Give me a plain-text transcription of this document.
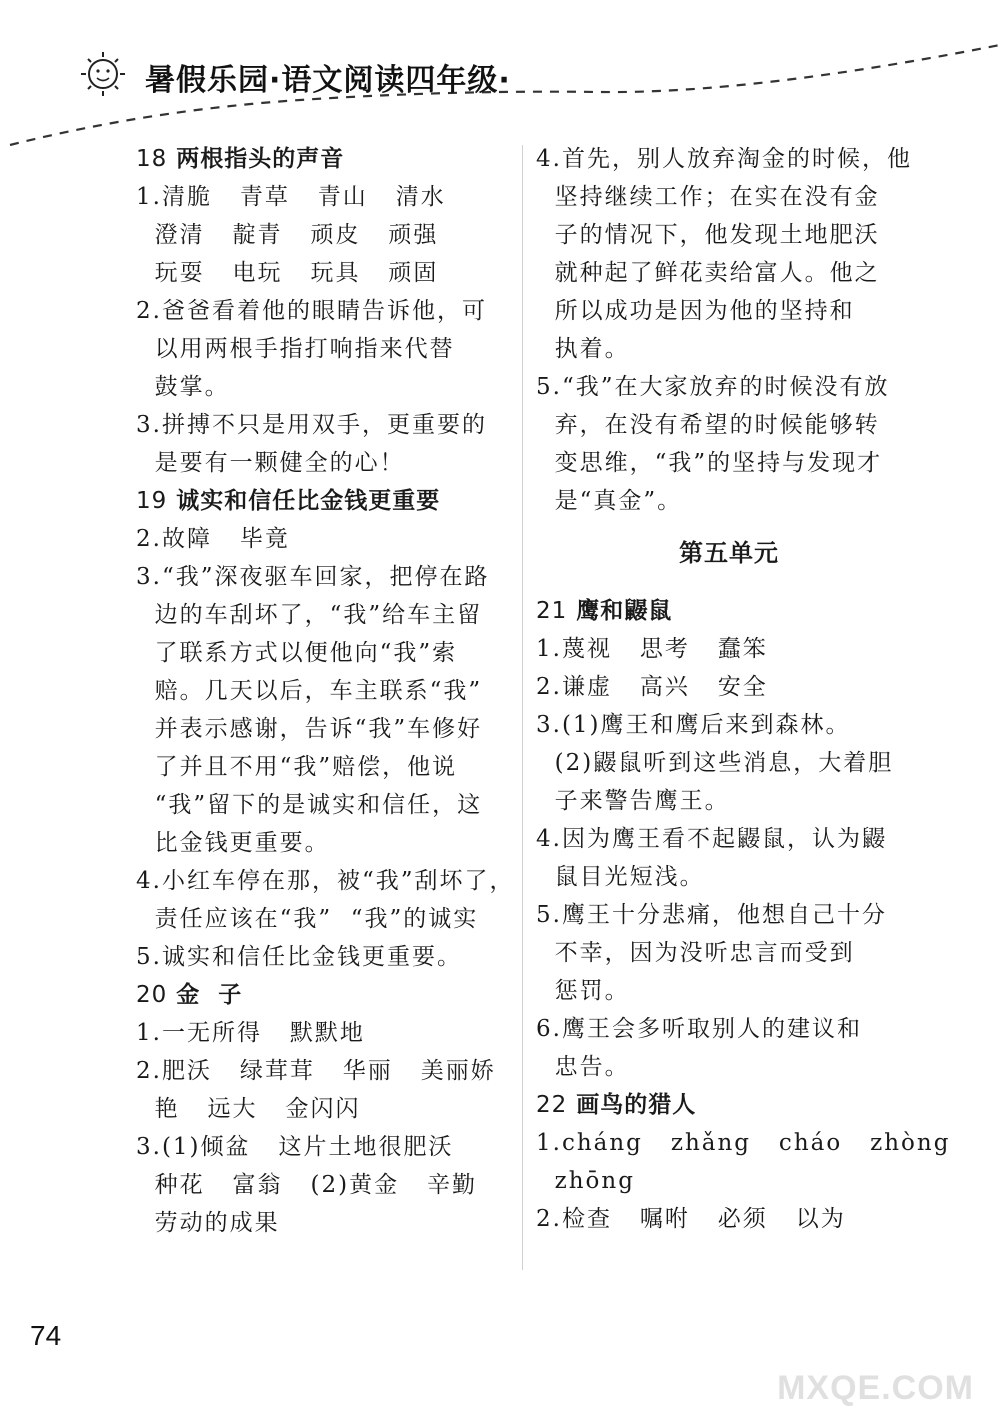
暑假乐园·语文阅读四年级·
18 两根指头的声音
1.清脆   青草   青山   清水
澄清   靛青   顽皮   顽强
玩耍   电玩   玩具   顽固
2.爸爸看着他的眼睛告诉他，可
以用两根手指打响指来代替
鼓掌。
3.拼搏不只是用双手，更重要的
是要有一颗健全的心！
19 诚实和信任比金钱更重要
2.故障   毕竟
3.“我”深夜驱车回家，把停在路
边的车刮坏了，“我”给车主留
了联系方式以便他向“我”索
赔。几天以后，车主联系“我”
并表示感谢，告诉“我”车修好
了并且不用“我”赔偿，他说
“我”留下的是诚实和信任，这
比金钱更重要。
4.小红车停在那，被“我”刮坏了，
责任应该在“我”  “我”的诚实
5.诚实和信任比金钱更重要。
20 金  子
1.一无所得   默默地
2.肥沃   绿茸茸   华丽   美丽娇
艳   远大   金闪闪
3.(1)倾盆   这片土地很肥沃
种花   富翁   (2)黄金   辛勤
劳动的成果
4.首先，别人放弃淘金的时候，他
坚持继续工作；在实在没有金
子的情况下，他发现土地肥沃
就种起了鲜花卖给富人。他之
所以成功是因为他的坚持和
执着。
5.“我”在大家放弃的时候没有放
弃，在没有希望的时候能够转
变思维，“我”的坚持与发现才
是“真金”。
第五单元
21 鹰和鼹鼠
1.蔑视   思考   蠢笨
2.谦虚   高兴   安全
3.(1)鹰王和鹰后来到森林。
(2)鼹鼠听到这些消息，大着胆
子来警告鹰王。
4.因为鹰王看不起鼹鼠，认为鼹
鼠目光短浅。
5.鹰王十分悲痛，他想自己十分
不幸，因为没听忠言而受到
惩罚。
6.鹰王会多听取别人的建议和
忠告。
22 画鸟的猎人
1.cháng   zhǎng   cháo   zhòng
zhōng
2.检查   嘱咐   必须   以为
74
MXQE.COM
